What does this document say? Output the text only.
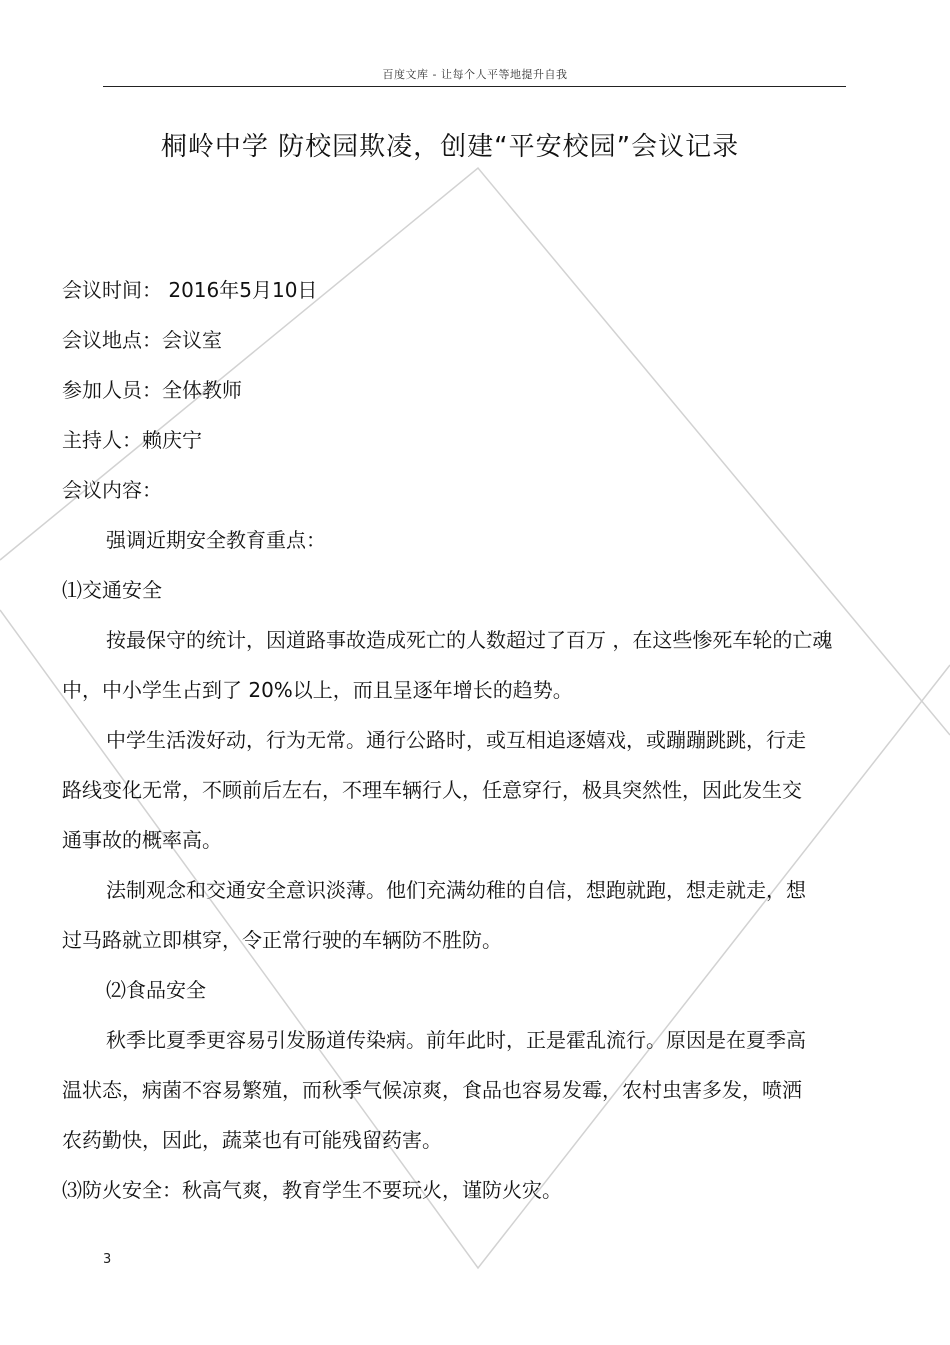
百度文库 - 让每个人平等地提升自我
桐岭中学 防校园欺凌，创建“平安校园”会议记录
会议时间： 2016年5月10日
会议地点：会议室
参加人员：全体教师
主持人：赖庆宁
会议内容：
强调近期安全教育重点：
⑴交通安全
按最保守的统计，因道路事故造成死亡的人数超过了百万 ，在这些惨死车轮的亡魂
中，中小学生占到了 20%以上，而且呈逐年增长的趋势。
中学生活泼好动，行为无常。通行公路时，或互相追逐嬉戏，或蹦蹦跳跳，行走
路线变化无常，不顾前后左右，不理车辆行人，任意穿行，极具突然性，因此发生交
通事故的概率高。
法制观念和交通安全意识淡薄。他们充满幼稚的自信，想跑就跑，想走就走，想
过马路就立即棋穿，令正常行驶的车辆防不胜防。
⑵食品安全
秋季比夏季更容易引发肠道传染病。前年此时，正是霍乱流行。原因是在夏季高
温状态，病菌不容易繁殖，而秋季气候凉爽，食品也容易发霉，农村虫害多发，喷洒
农药勤快，因此，蔬菜也有可能残留药害。
⑶防火安全：秋高气爽，教育学生不要玩火，谨防火灾。
3
